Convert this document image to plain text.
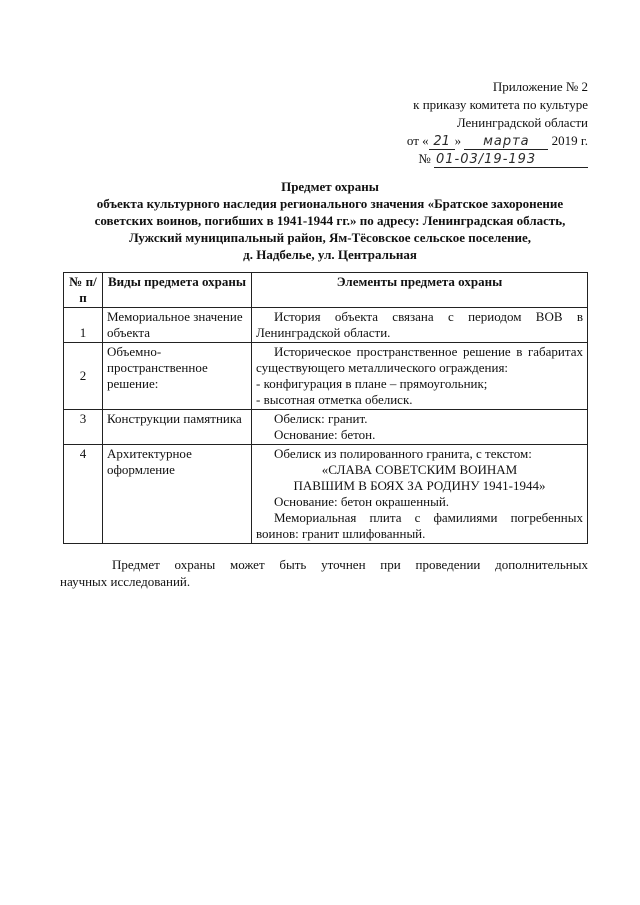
Приложение № 2
к приказу комитета по культуре
Ленинградской области
от « 21 » марта 2019 г.
№ 01-03/19-193
Предмет охраны
объекта культурного наследия регионального значения «Братское захоронение
советских воинов, погибших в 1941-1944 гг.» по адресу: Ленинградская область,
Лужский муниципальный район, Ям-Тёсовское сельское поселение,
д. Надбелье, ул. Центральная
№ п/п	Виды предмета охраны	Элементы предмета охраны
1	Мемориальное значение объекта	История объекта связана с периодом ВОВ в Ленинградской области.

2	Объемно-пространственное решение:	Историческое пространственное решение в габаритах существующего металлического ограждения:
- конфигурация в плане – прямоугольник;
- высотная отметка обелиск.

3	Конструкции памятника	Обелиск: гранит.
Основание: бетон.

4	Архитектурное оформление	Обелиск из полированного гранита, с текстом:
«СЛАВА СОВЕТСКИМ ВОИНАМ
ПАВШИМ В БОЯХ ЗА РОДИНУ 1941-1944»
Основание: бетон окрашенный.
Мемориальная плита с фамилиями погребенных воинов: гранит шлифованный.
Предмет охраны может быть уточнен при проведении дополнительных
научных исследований.
